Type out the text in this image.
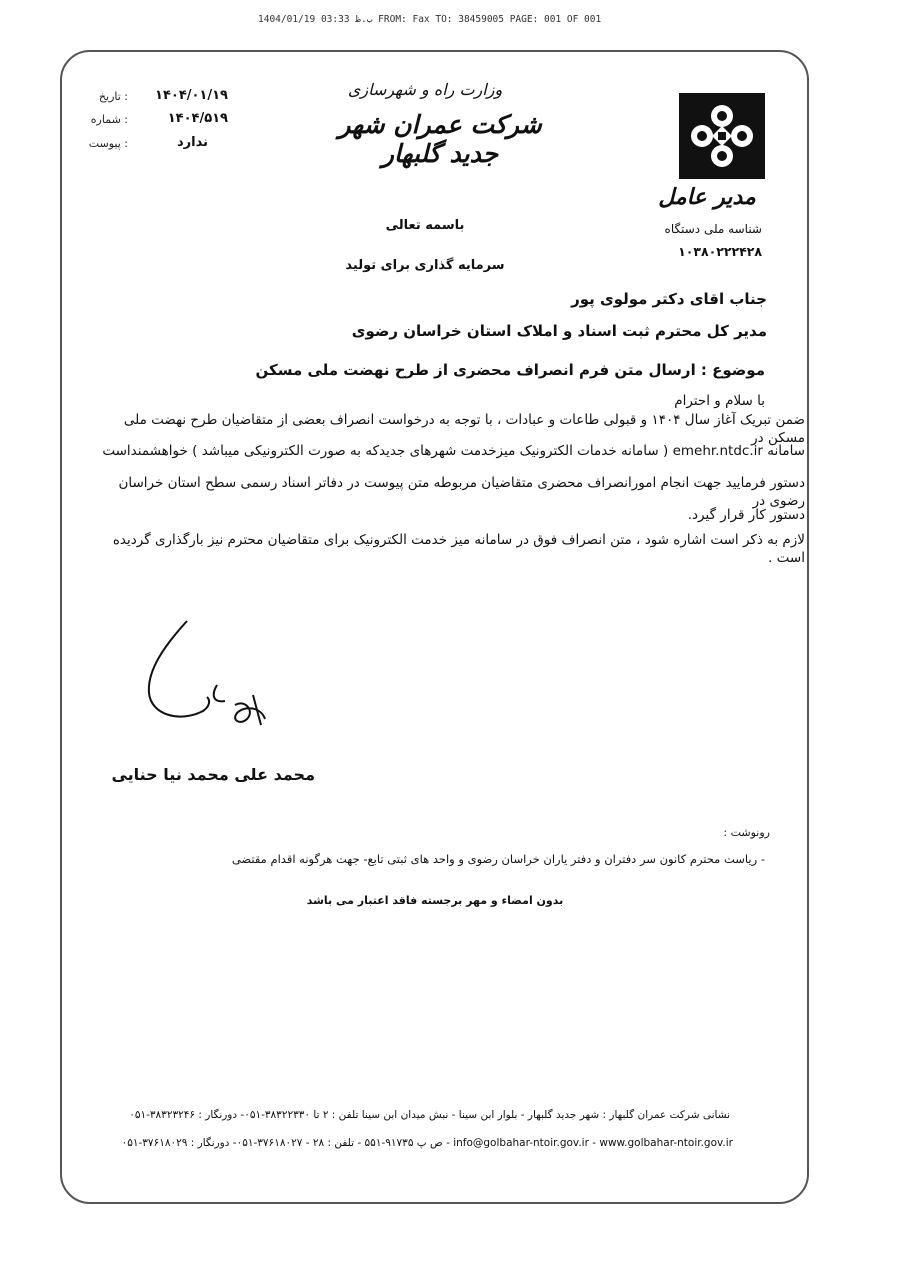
ب.ظ 03:33 1404/01/19 FROM: Fax TO: 38459005 PAGE: 001 OF 001
: تاریخ	۱۴۰۴/۰۱/۱۹
: شماره	۱۴۰۴/۵۱۹
: پیوست	ندارد
وزارت راه و شهرسازی
شرکت عمران شهر جدید گلبهار
مدیر عامل
شناسه ملی دستگاه
۱۰۳۸۰۲۲۲۴۲۸
باسمه تعالی
سرمایه گذاری برای تولید
جناب اقای دکتر مولوی پور
مدیر کل محترم ثبت اسناد و املاک استان خراسان رضوی
موضوع : ارسال متن فرم انصراف محضری از طرح نهضت ملی مسکن
با سلام و احترام
ضمن تبریک آغاز سال ۱۴۰۴ و قبولی طاعات و عبادات ، با توجه به درخواست انصراف بعضی از متقاضیان طرح نهضت ملی مسکن در
سامانه emehr.ntdc.ir ( سامانه خدمات الکترونیک میزخدمت شهرهای جدیدکه به صورت الکترونیکی میباشد ) خواهشمنداست
دستور فرمایید جهت انجام امورانصراف محضری متقاضیان مربوطه متن پیوست در دفاتر اسناد رسمی سطح استان خراسان رضوی در
دستور کار قرار گیرد.
لازم به ذکر است اشاره شود ، متن انصراف فوق در سامانه میز خدمت الکترونیک برای متقاضیان محترم نیز بارگذاری گردیده است .
محمد علی محمد نیا حنایی
رونوشت :
- ریاست محترم کانون سر دفتران و دفتر یاران خراسان رضوی و واحد های ثبتی تابع- جهت هرگونه اقدام مقتضی
بدون امضاء و مهر برجسته فاقد اعتبار می باشد
نشانی شرکت عمران گلبهار : شهر جدید گلبهار - بلوار ابن سینا - نبش میدان ابن سینا تلفن : ۲ تا ۳۸۳۲۲۳۳۰-۰۵۱- دورنگار : ۳۸۳۲۳۲۴۶-۰۵۱
info@golbahar-ntoir.gov.ir - www.golbahar-ntoir.gov.ir - ص پ ۹۱۷۳۵-۵۵۱ - تلفن : ۲۸ - ۳۷۶۱۸۰۲۷-۰۵۱- دورنگار : ۳۷۶۱۸۰۲۹-۰۵۱
